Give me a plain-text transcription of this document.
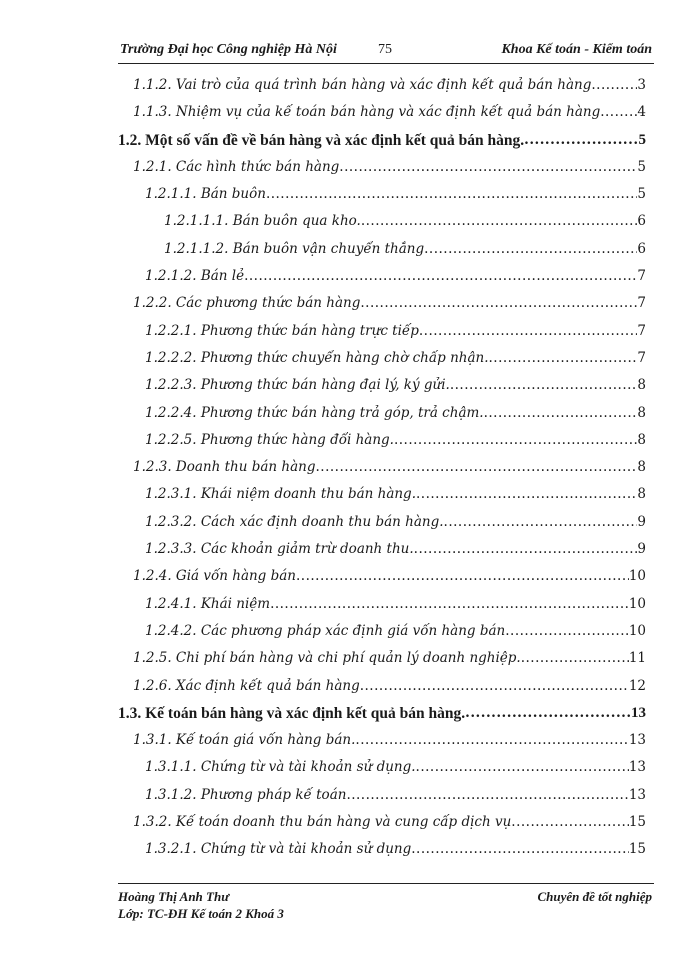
Trường Đại học Công nghiệp Hà Nội	75	Khoa Kế toán - Kiểm toán
1.1.2. Vai trò của quá trình bán hàng và xác định kết quả bán hàng .....	3
1.1.3. Nhiệm vụ của kế toán bán hàng và xác định kết quả bán hàng .....	4
1.2. Một số vấn đề về bán hàng và xác định kết quả bán hàng. .....	5
1.2.1. Các hình thức bán hàng .....	5
1.2.1.1. Bán buôn .....	5
1.2.1.1.1. Bán buôn qua kho. .....	6
1.2.1.1.2. Bán buôn vận chuyển thẳng .....	6
1.2.1.2. Bán lẻ .....	7
1.2.2. Các phương thức bán hàng .....	7
1.2.2.1. Phương thức bán hàng trực tiếp .....	7
1.2.2.2. Phương thức chuyển hàng chờ chấp nhận. .....	7
1.2.2.3. Phương thức bán hàng đại lý, ký gửi. .....	8
1.2.2.4. Phương thức bán hàng trả góp, trả chậm. .....	8
1.2.2.5. Phương thức hàng đổi hàng. .....	8
1.2.3. Doanh thu bán hàng .....	8
1.2.3.1. Khái niệm doanh thu bán hàng. .....	8
1.2.3.2. Cách xác định doanh thu bán hàng. .....	9
1.2.3.3. Các khoản giảm trừ doanh thu. .....	9
1.2.4. Giá vốn hàng bán .....	10
1.2.4.1. Khái niệm .....	10
1.2.4.2. Các phương pháp xác định giá vốn hàng bán .....	10
1.2.5. Chi phí bán hàng và chi phí quản lý doanh nghiệp. .....	11
1.2.6. Xác định kết quả bán hàng .....	12
1.3. Kế toán bán hàng và xác định kết quả bán hàng. .....	13
1.3.1. Kế toán giá vốn hàng bán. .....	13
1.3.1.1. Chứng từ và tài khoản sử dụng. .....	13
1.3.1.2. Phương pháp kế toán .....	13
1.3.2. Kế toán doanh thu bán hàng và cung cấp dịch vụ .....	15
1.3.2.1. Chứng từ và tài khoản sử dụng .....	15
Hoàng Thị Anh Thư	Chuyên đề tốt nghiệp
Lớp: TC-ĐH Kế toán 2 Khoá 3
